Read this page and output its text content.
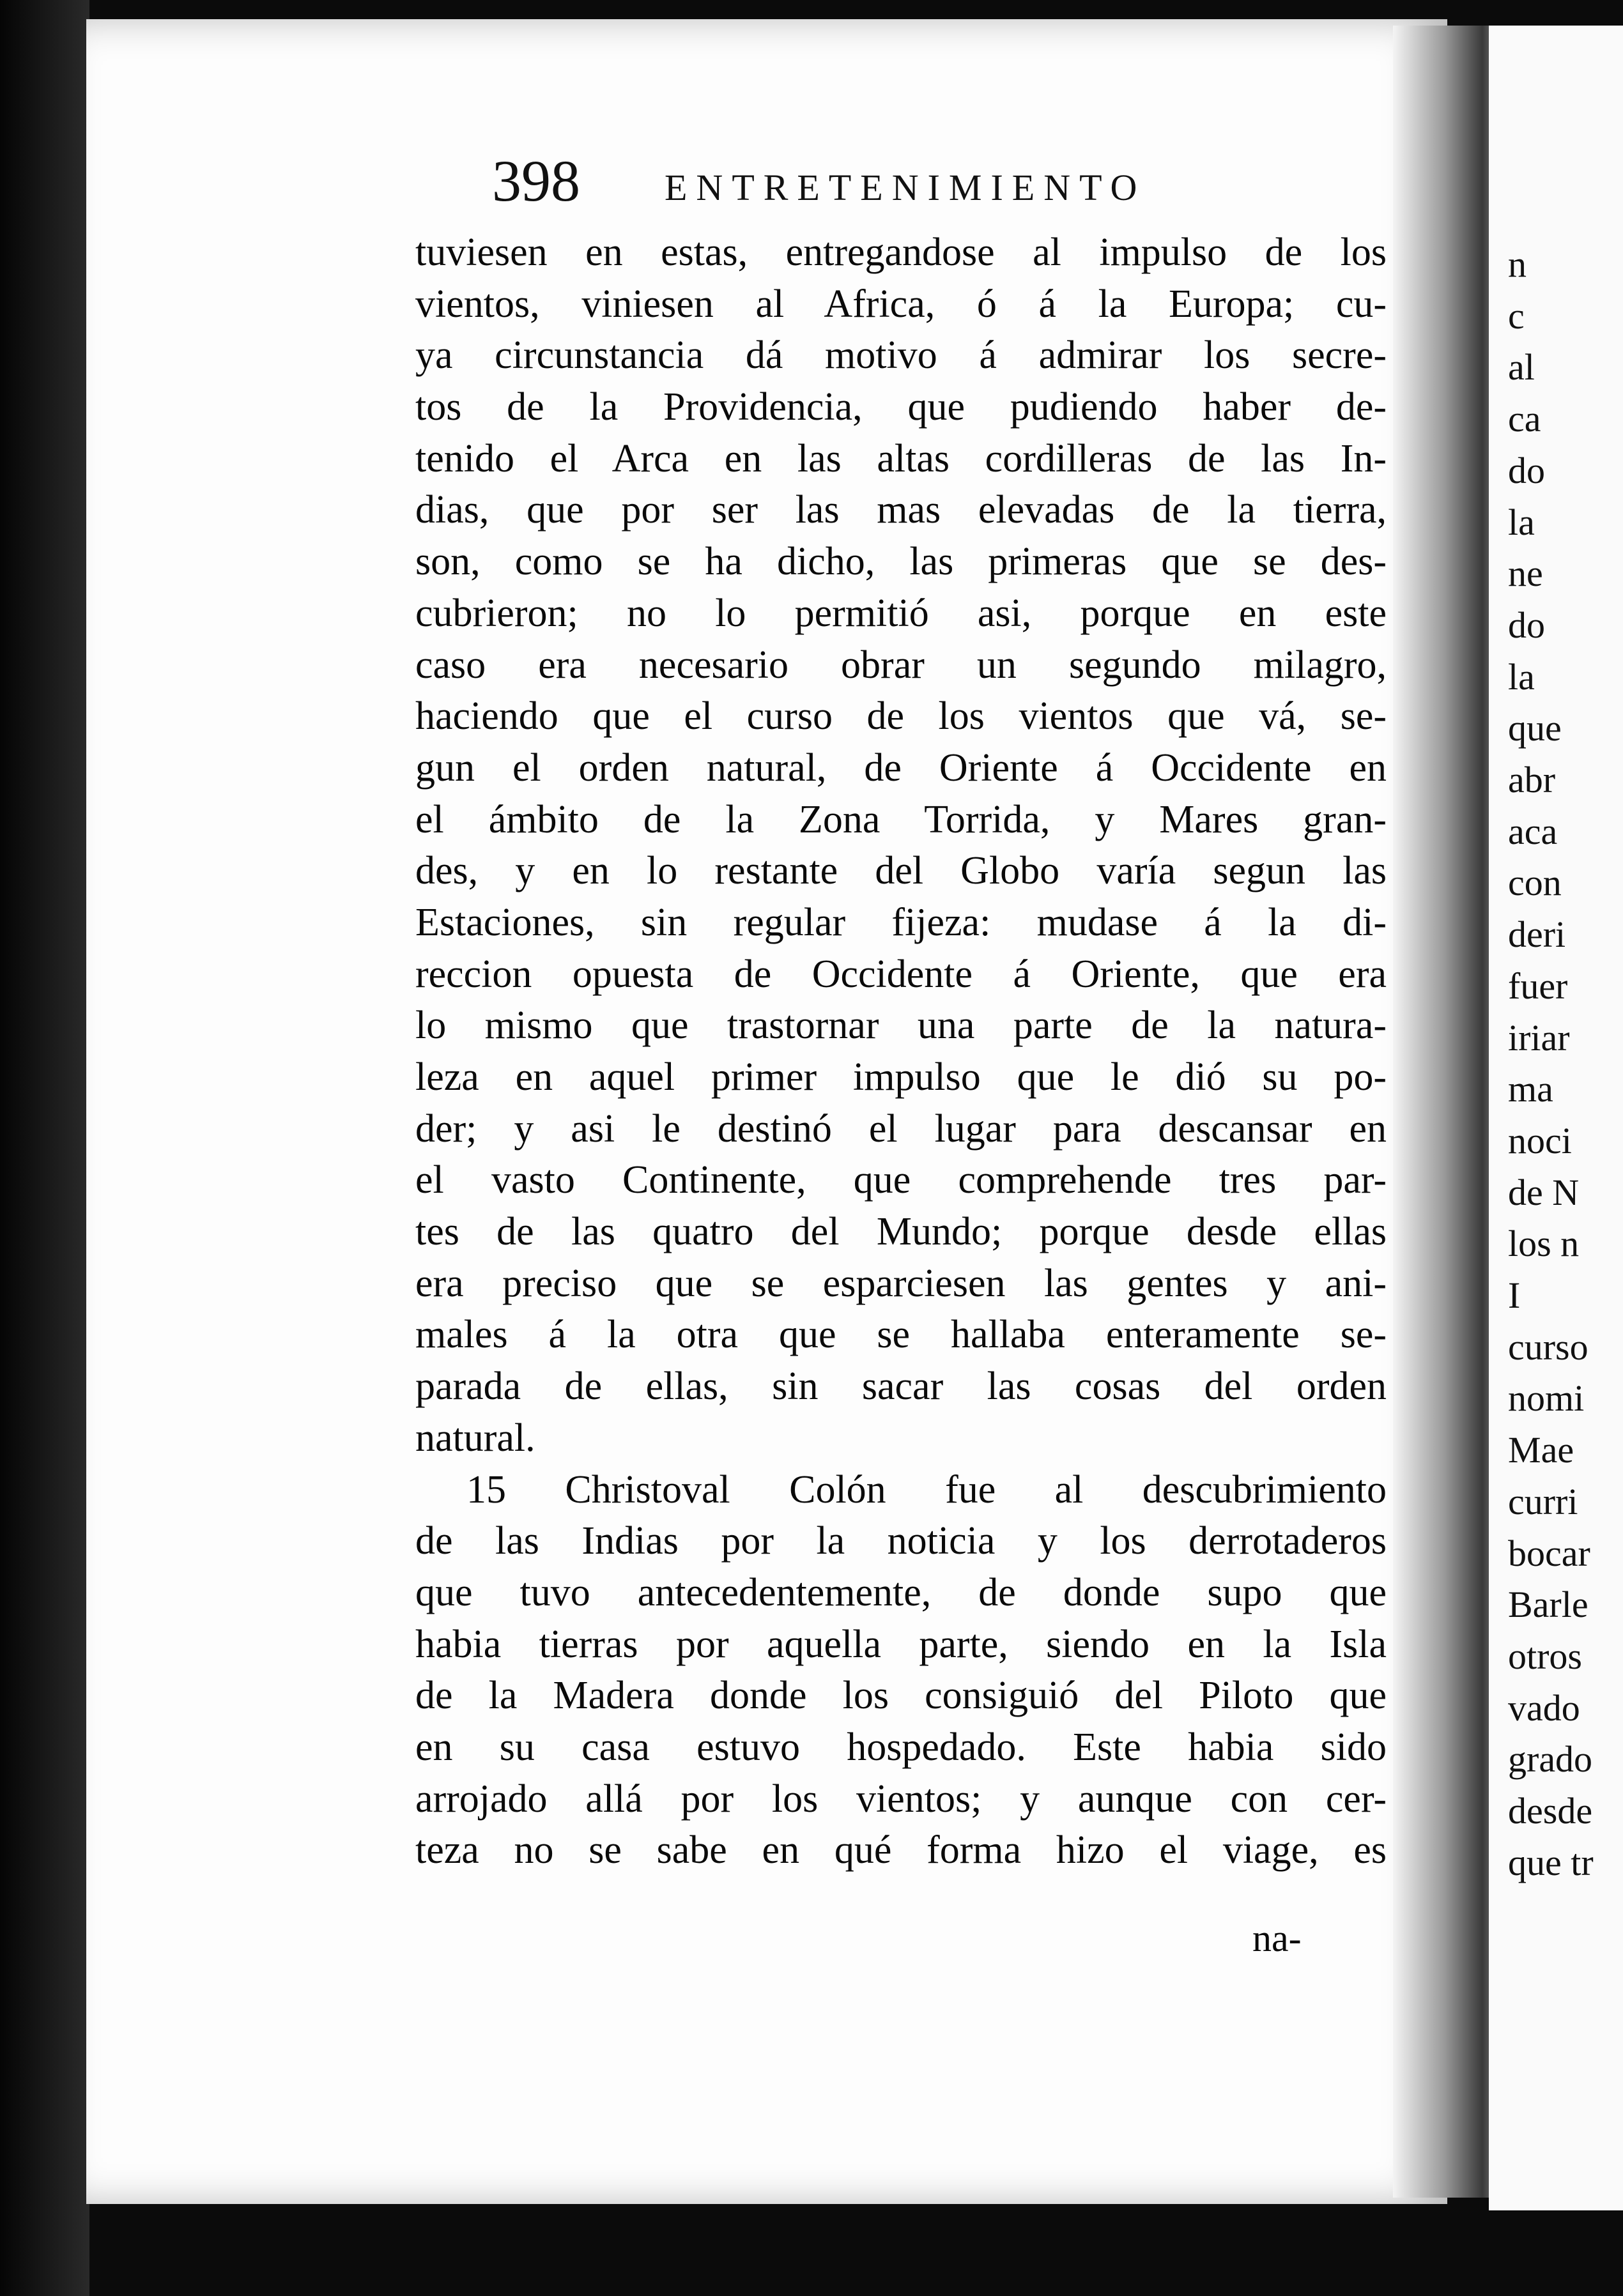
n
c
al
ca
do
la
ne
do
la
que
abr
aca
con
deri
fuer
iriar
ma
noci
de N
los n
I
curso
nomi
Mae
curri
bocar
Barle
otros
vado
grado
desde
que tr
398 ENTRETENIMIENTO
tuviesen en estas, entregandose al impulso de los
vientos, viniesen al Africa, ó á la Europa; cu-
ya circunstancia dá motivo á admirar los secre-
tos de la Providencia, que pudiendo haber de-
tenido el Arca en las altas cordilleras de las In-
dias, que por ser las mas elevadas de la tierra,
son, como se ha dicho, las primeras que se des-
cubrieron; no lo permitió asi, porque en este
caso era necesario obrar un segundo milagro,
haciendo que el curso de los vientos que vá, se-
gun el orden natural, de Oriente á Occidente en
el ámbito de la Zona Torrida, y Mares gran-
des, y en lo restante del Globo varía segun las
Estaciones, sin regular fijeza: mudase á la di-
reccion opuesta de Occidente á Oriente, que era
lo mismo que trastornar una parte de la natura-
leza en aquel primer impulso que le dió su po-
der; y asi le destinó el lugar para descansar en
el vasto Continente, que comprehende tres par-
tes de las quatro del Mundo; porque desde ellas
era preciso que se esparciesen las gentes y ani-
males á la otra que se hallaba enteramente se-
parada de ellas, sin sacar las cosas del orden
natural.
15 Christoval Colón fue al descubrimiento
de las Indias por la noticia y los derrotaderos
que tuvo antecedentemente, de donde supo que
habia tierras por aquella parte, siendo en la Isla
de la Madera donde los consiguió del Piloto que
en su casa estuvo hospedado. Este habia sido
arrojado allá por los vientos; y aunque con cer-
teza no se sabe en qué forma hizo el viage, es
na-
